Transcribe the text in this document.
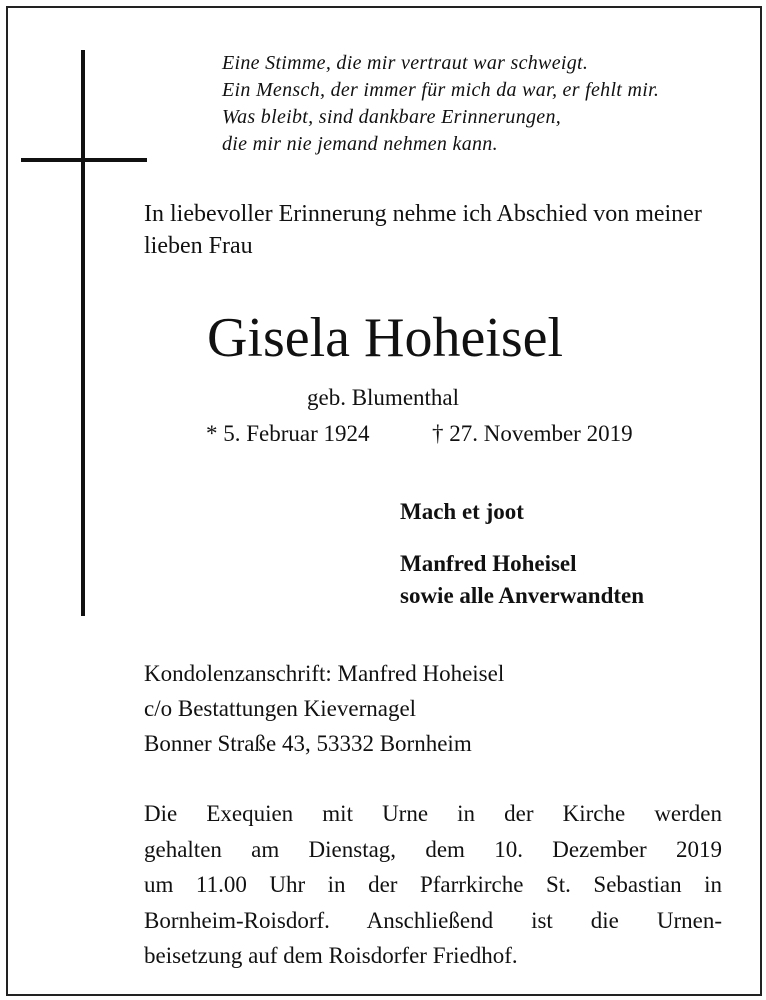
Eine Stimme, die mir vertraut war schweigt.
Ein Mensch, der immer für mich da war, er fehlt mir.
Was bleibt, sind dankbare Erinnerungen,
die mir nie jemand nehmen kann.
In liebevoller Erinnerung nehme ich Abschied von meiner lieben Frau
Gisela Hoheisel
geb. Blumenthal
* 5. Februar 1924	† 27. November 2019
Mach et joot
Manfred Hoheisel
sowie alle Anverwandten
Kondolenzanschrift: Manfred Hoheisel
c/o Bestattungen Kievernagel
Bonner Straße 43, 53332 Bornheim
Die Exequien mit Urne in der Kirche werden
gehalten am Dienstag, dem 10. Dezember 2019
um 11.00 Uhr in der Pfarrkirche St. Sebastian in
Bornheim-Roisdorf. Anschließend ist die Urnen-
beisetzung auf dem Roisdorfer Friedhof.
